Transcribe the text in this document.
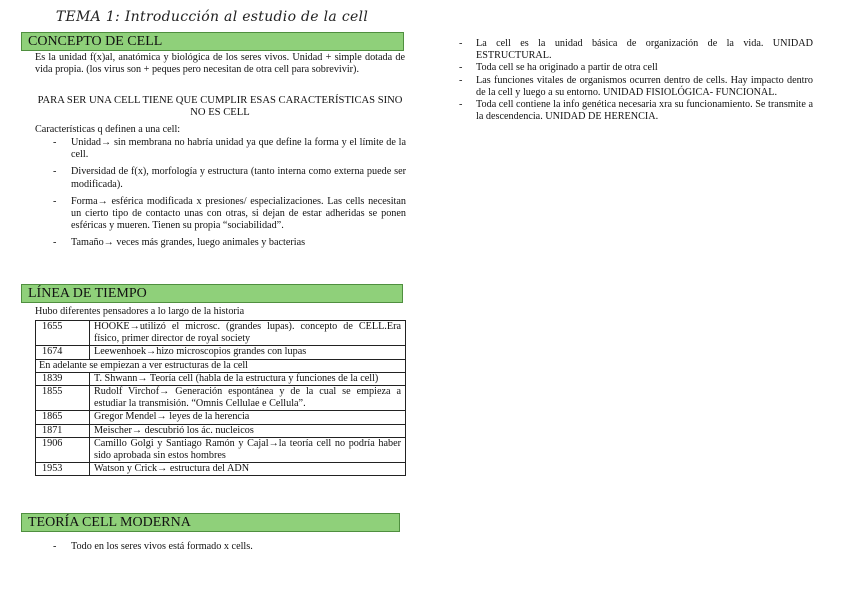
TEMA 1: Introducción al estudio de la cell
CONCEPTO DE CELL
Es la unidad f(x)al, anatómica y biológica de los seres vivos. Unidad + simple dotada de vida propia. (los virus son + peques pero necesitan de otra cell para sobrevivir).
PARA SER UNA CELL TIENE QUE CUMPLIR ESAS CARACTERÍSTICAS SINO NO ES CELL
Características q definen a una cell:
- Unidad→ sin membrana no habría unidad ya que define la forma y el límite de la cell.
- Diversidad de f(x), morfología y estructura (tanto interna como externa puede ser modificada).
- Forma→ esférica modificada x presiones/ especializaciones. Las cells necesitan un cierto tipo de contacto unas con otras, si dejan de estar adheridas se ponen esféricas y mueren. Tienen su propia “sociabilidad”.
- Tamaño→ veces más grandes, luego animales y bacterias
LÍNEA DE TIEMPO
Hubo diferentes pensadores a lo largo de la historia
1655	HOOKE→utilizó el microsc. (grandes lupas). concepto de CELL.Era físico, primer director de royal society
1674	Leewenhoek→hizo microscopios grandes con lupas
En adelante se empiezan a ver estructuras de la cell	
1839	T. Shwann→ Teoría cell (habla de la estructura y funciones de la cell)
1855	Rudolf Virchof→ Generación espontánea y de la cual se empieza a estudiar la transmisión. “Omnis Cellulae e Cellula”.
1865	Gregor Mendel→ leyes de la herencia
1871	Meischer→ descubrió los ác. nucleicos
1906	Camillo Golgi y Santiago Ramón y Cajal→la teoría cell no podría haber sido aprobada sin estos hombres
1953	Watson y Crick→ estructura del ADN
TEORÍA CELL MODERNA
- Todo en los seres vivos está formado x cells.
- La cell es la unidad básica de organización de la vida. UNIDAD ESTRUCTURAL.
- Toda cell se ha originado a partir de otra cell
- Las funciones vitales de organismos ocurren dentro de cells. Hay impacto dentro de la cell y luego a su entorno. UNIDAD FISIOLÓGICA- FUNCIONAL.
- Toda cell contiene la info genética necesaria xra su funcionamiento. Se transmite a la descendencia. UNIDAD DE HERENCIA.
